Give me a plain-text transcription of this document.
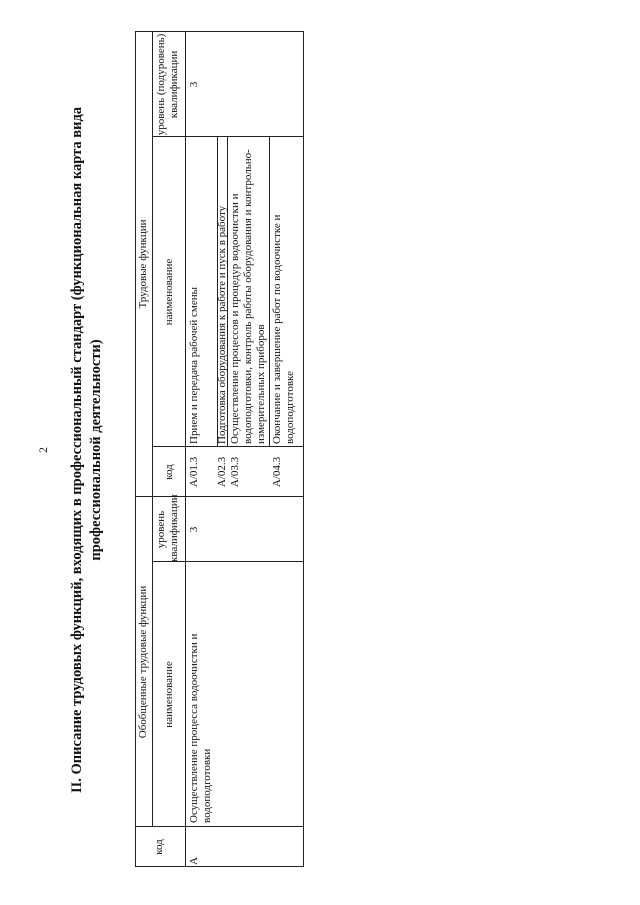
2 II. Описание трудовых функций, входящих в профессиональный стандарт (функциональная карта вида профессиональной деятельности)
Обобщенные трудовые функции
Трудовые функции
код
наименование
уровень квалификации
наименование
код
уровень (подуровень) квалификации
А
Осуществление процесса водоочистки и водоподготовки
3
Прием и передача рабочей смены
А/01.3
Подготовка оборудования к работе и пуск в работу
А/02.3
Осуществление процессов и процедур водоочистки и водоподготовки, контроль работы оборудования и контрольно-измерительных приборов
А/03.3
Окончание и завершение работ по водоочистке и водоподготовке
А/04.3
3
